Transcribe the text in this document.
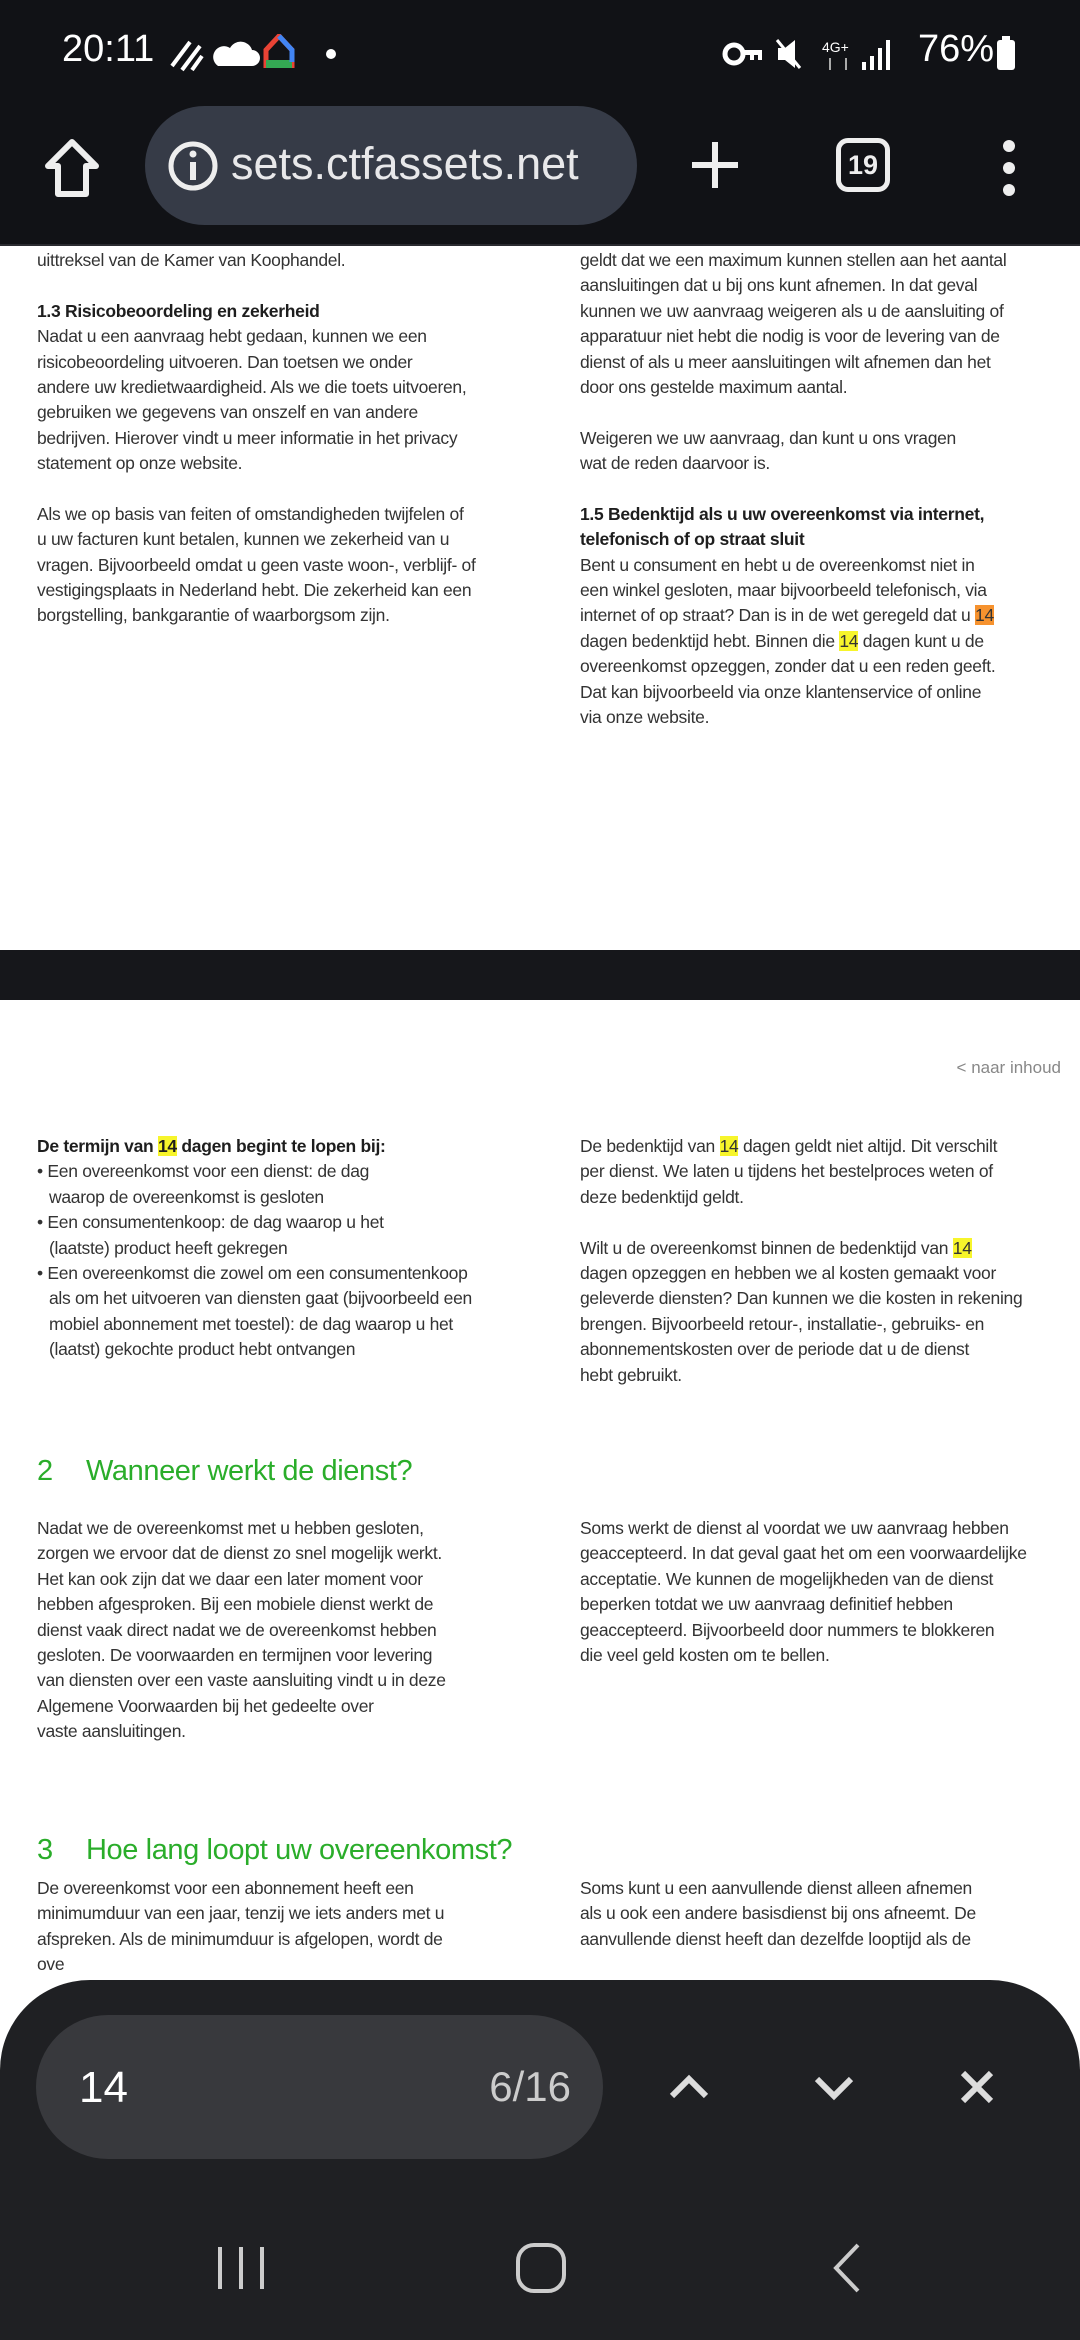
20:11	4G+ 76%
sets.ctfassets.net	19
uittreksel van de Kamer van Koophandel.
1.3 Risicobeoordeling en zekerheid
Nadat u een aanvraag hebt gedaan, kunnen we een
risicobeoordeling uitvoeren. Dan toetsen we onder
andere uw kredietwaardigheid. Als we die toets uitvoeren,
gebruiken we gegevens van onszelf en van andere
bedrijven. Hierover vindt u meer informatie in het privacy
statement op onze website.
Als we op basis van feiten of omstandigheden twijfelen of
u uw facturen kunt betalen, kunnen we zekerheid van u
vragen. Bijvoorbeeld omdat u geen vaste woon-, verblijf- of
vestigingsplaats in Nederland hebt. Die zekerheid kan een
borgstelling, bankgarantie of waarborgsom zijn.
geldt dat we een maximum kunnen stellen aan het aantal
aansluitingen dat u bij ons kunt afnemen. In dat geval
kunnen we uw aanvraag weigeren als u de aansluiting of
apparatuur niet hebt die nodig is voor de levering van de
dienst of als u meer aansluitingen wilt afnemen dan het
door ons gestelde maximum aantal.
Weigeren we uw aanvraag, dan kunt u ons vragen
wat de reden daarvoor is.
1.5 Bedenktijd als u uw overeenkomst via internet,
telefonisch of op straat sluit
Bent u consument en hebt u de overeenkomst niet in
een winkel gesloten, maar bijvoorbeeld telefonisch, via
internet of op straat? Dan is in de wet geregeld dat u 14
dagen bedenktijd hebt. Binnen die 14 dagen kunt u de
overeenkomst opzeggen, zonder dat u een reden geeft.
Dat kan bijvoorbeeld via onze klantenservice of online
via onze website.
< naar inhoud
De termijn van 14 dagen begint te lopen bij:
• Een overeenkomst voor een dienst: de dag
waarop de overeenkomst is gesloten
• Een consumentenkoop: de dag waarop u het
(laatste) product heeft gekregen
• Een overeenkomst die zowel om een consumentenkoop
als om het uitvoeren van diensten gaat (bijvoorbeeld een
mobiel abonnement met toestel): de dag waarop u het
(laatst) gekochte product hebt ontvangen
De bedenktijd van 14 dagen geldt niet altijd. Dit verschilt
per dienst. We laten u tijdens het bestelproces weten of
deze bedenktijd geldt.
Wilt u de overeenkomst binnen de bedenktijd van 14
dagen opzeggen en hebben we al kosten gemaakt voor
geleverde diensten? Dan kunnen we die kosten in rekening
brengen. Bijvoorbeeld retour-, installatie-, gebruiks- en
abonnementskosten over de periode dat u de dienst
hebt gebruikt.
2 Wanneer werkt de dienst?
Nadat we de overeenkomst met u hebben gesloten,
zorgen we ervoor dat de dienst zo snel mogelijk werkt.
Het kan ook zijn dat we daar een later moment voor
hebben afgesproken. Bij een mobiele dienst werkt de
dienst vaak direct nadat we de overeenkomst hebben
gesloten. De voorwaarden en termijnen voor levering
van diensten over een vaste aansluiting vindt u in deze
Algemene Voorwaarden bij het gedeelte over
vaste aansluitingen.
Soms werkt de dienst al voordat we uw aanvraag hebben
geaccepteerd. In dat geval gaat het om een voorwaardelijke
acceptatie. We kunnen de mogelijkheden van de dienst
beperken totdat we uw aanvraag definitief hebben
geaccepteerd. Bijvoorbeeld door nummers te blokkeren
die veel geld kosten om te bellen.
3 Hoe lang loopt uw overeenkomst?
De overeenkomst voor een abonnement heeft een
minimumduur van een jaar, tenzij we iets anders met u
afspreken. Als de minimumduur is afgelopen, wordt de
ove
Soms kunt u een aanvullende dienst alleen afnemen
als u ook een andere basisdienst bij ons afneemt. De
aanvullende dienst heeft dan dezelfde looptijd als de
14	6/16
